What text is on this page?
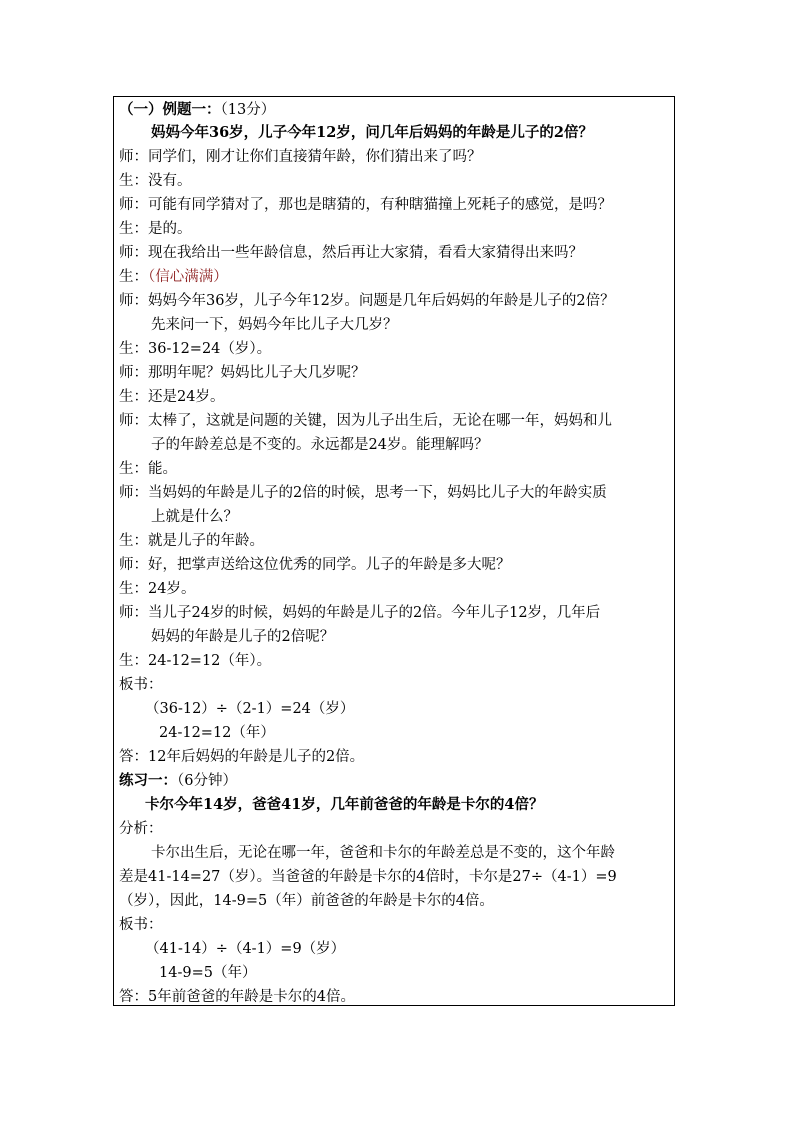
（一）例题一：（13分）
妈妈今年36岁，儿子今年12岁，问几年后妈妈的年龄是儿子的2倍？
师：同学们，刚才让你们直接猜年龄，你们猜出来了吗？
生：没有。
师：可能有同学猜对了，那也是瞎猜的，有种瞎猫撞上死耗子的感觉，是吗？
生：是的。
师：现在我给出一些年龄信息，然后再让大家猜，看看大家猜得出来吗？
生：（信心满满）
师：妈妈今年36岁，儿子今年12岁。问题是几年后妈妈的年龄是儿子的2倍？
先来问一下，妈妈今年比儿子大几岁？
生：36-12=24（岁）。
师：那明年呢？妈妈比儿子大几岁呢？
生：还是24岁。
师：太棒了，这就是问题的关键，因为儿子出生后，无论在哪一年，妈妈和儿
子的年龄差总是不变的。永远都是24岁。能理解吗？
生：能。
师：当妈妈的年龄是儿子的2倍的时候，思考一下，妈妈比儿子大的年龄实质
上就是什么？
生：就是儿子的年龄。
师：好，把掌声送给这位优秀的同学。儿子的年龄是多大呢？
生：24岁。
师：当儿子24岁的时候，妈妈的年龄是儿子的2倍。今年儿子12岁，几年后
妈妈的年龄是儿子的2倍呢？
生：24-12=12（年）。
板书：
（36-12）÷（2-1）=24（岁）
24-12=12（年）
答：12年后妈妈的年龄是儿子的2倍。
练习一：（6分钟）
卡尔今年14岁，爸爸41岁，几年前爸爸的年龄是卡尔的4倍？
分析：
卡尔出生后，无论在哪一年，爸爸和卡尔的年龄差总是不变的，这个年龄
差是41-14=27（岁）。当爸爸的年龄是卡尔的4倍时，卡尔是27÷（4-1）=9
（岁），因此，14-9=5（年）前爸爸的年龄是卡尔的4倍。
板书：
（41-14）÷（4-1）=9（岁）
14-9=5（年）
答：5年前爸爸的年龄是卡尔的4倍。
